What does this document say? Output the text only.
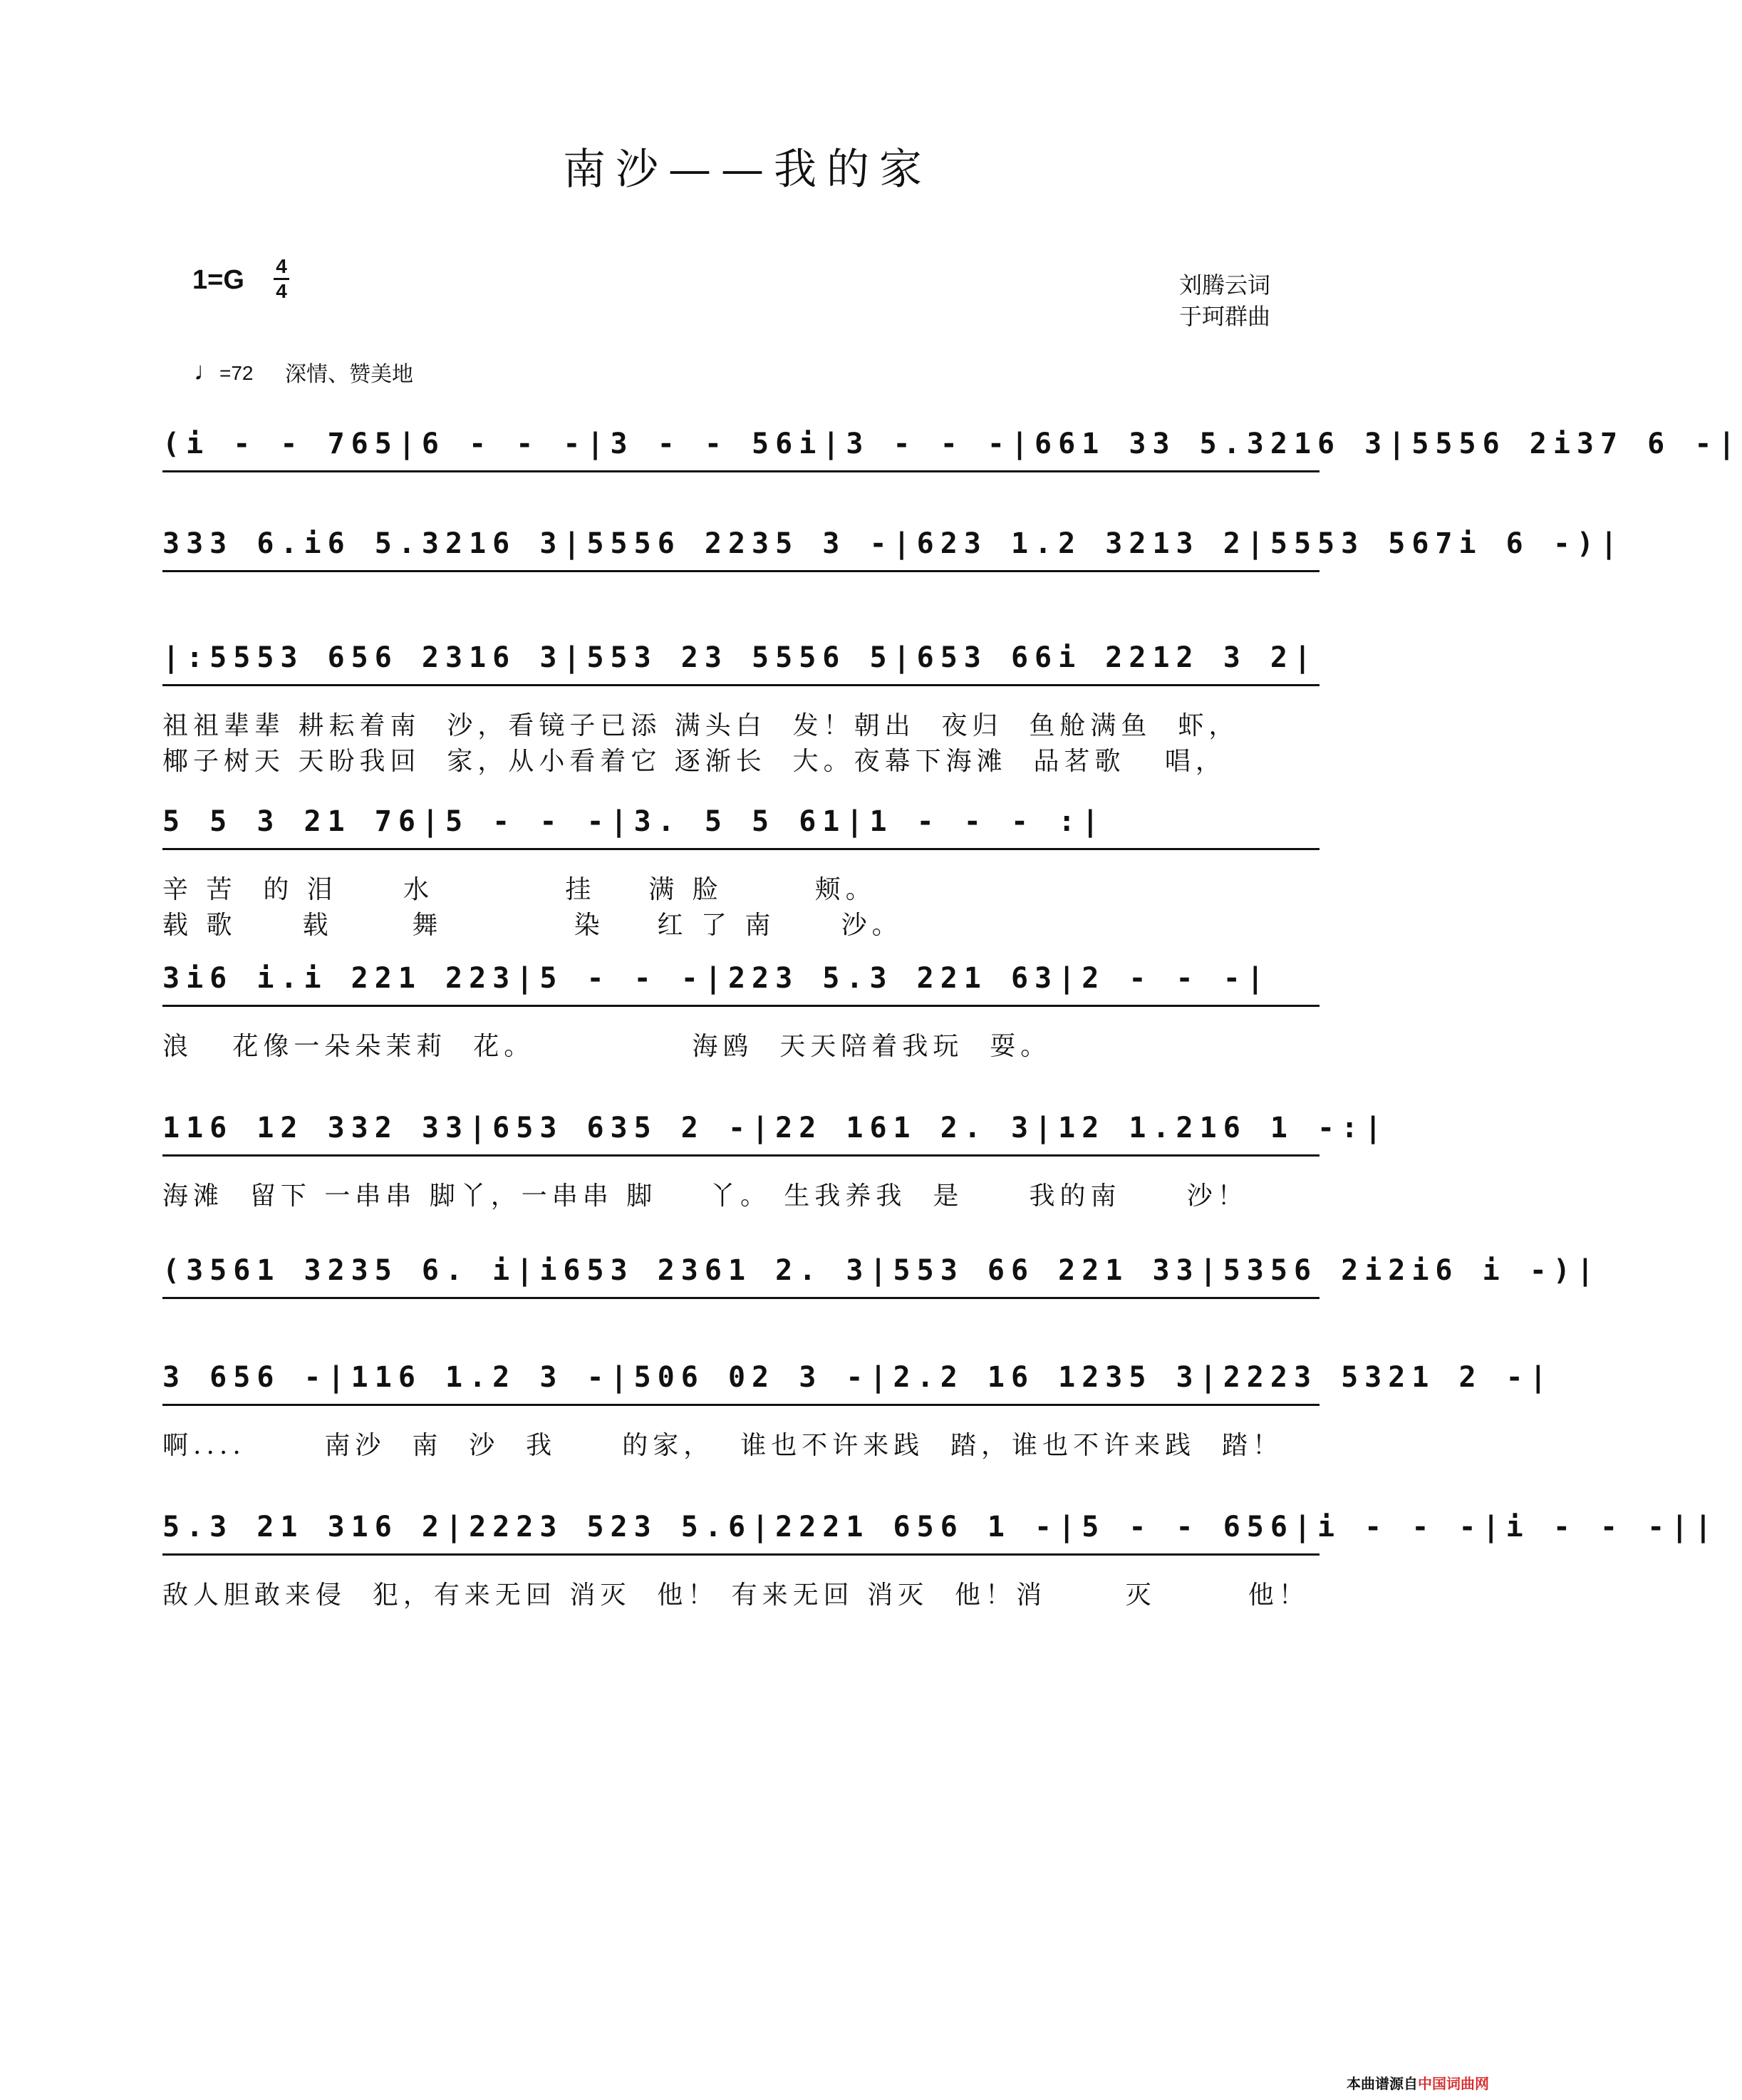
南沙——我的家
1=G 4
4	刘腾云词
于珂群曲
♩=72 深情、赞美地
(i - - 765|6 - - -|3 - - 56i|3 - - -|661 33 5.3216 3|5556 2i37 6 -|
333 6.i6 5.3216 3|5556 2235 3 -|623 1.2 3213 2|5553 567i 6 -)|
|:5553 656 2316 3|553 23 5556 5|653 66i 2212 3 2|
祖祖辈辈 耕耘着南  沙，看镜子已添 满头白  发！朝出  夜归  鱼舱满鱼  虾，
椰子树天 天盼我回  家，从小看着它 逐渐长  大。夜幕下海滩  品茗歌   唱，
5 5 3 21 76|5 - - -|3. 5 5 61|1 - - - :|
辛 苦  的 泪     水          挂    满 脸       颊。
载 歌     载      舞          染    红 了 南     沙。
3i6 i.i 221 223|5 - - -|223 5.3 221 63|2 - - -|
浪   花像一朵朵茉莉  花。            海鸥  天天陪着我玩  耍。
116 12 332 33|653 635 2 -|22 161 2. 3|12 1.216 1 -:|
海滩  留下 一串串 脚丫，一串串 脚    丫。 生我养我  是     我的南     沙！
(3561 3235 6. i|i653 2361 2. 3|553 66 221 33|5356 2i2i6 i -)|
3 656 -|116 1.2 3 -|506 02 3 -|2.2 16 1235 3|2223 5321 2 -|
啊....      南沙  南  沙  我     的家，  谁也不许来践  踏，谁也不许来践  踏！
5.3 21 316 2|2223 523 5.6|2221 656 1 -|5 - - 656|i - - -|i - - -||
敌人胆敢来侵  犯，有来无回 消灭  他！ 有来无回 消灭  他！消      灭       他！
本曲谱源自 中国词曲网
